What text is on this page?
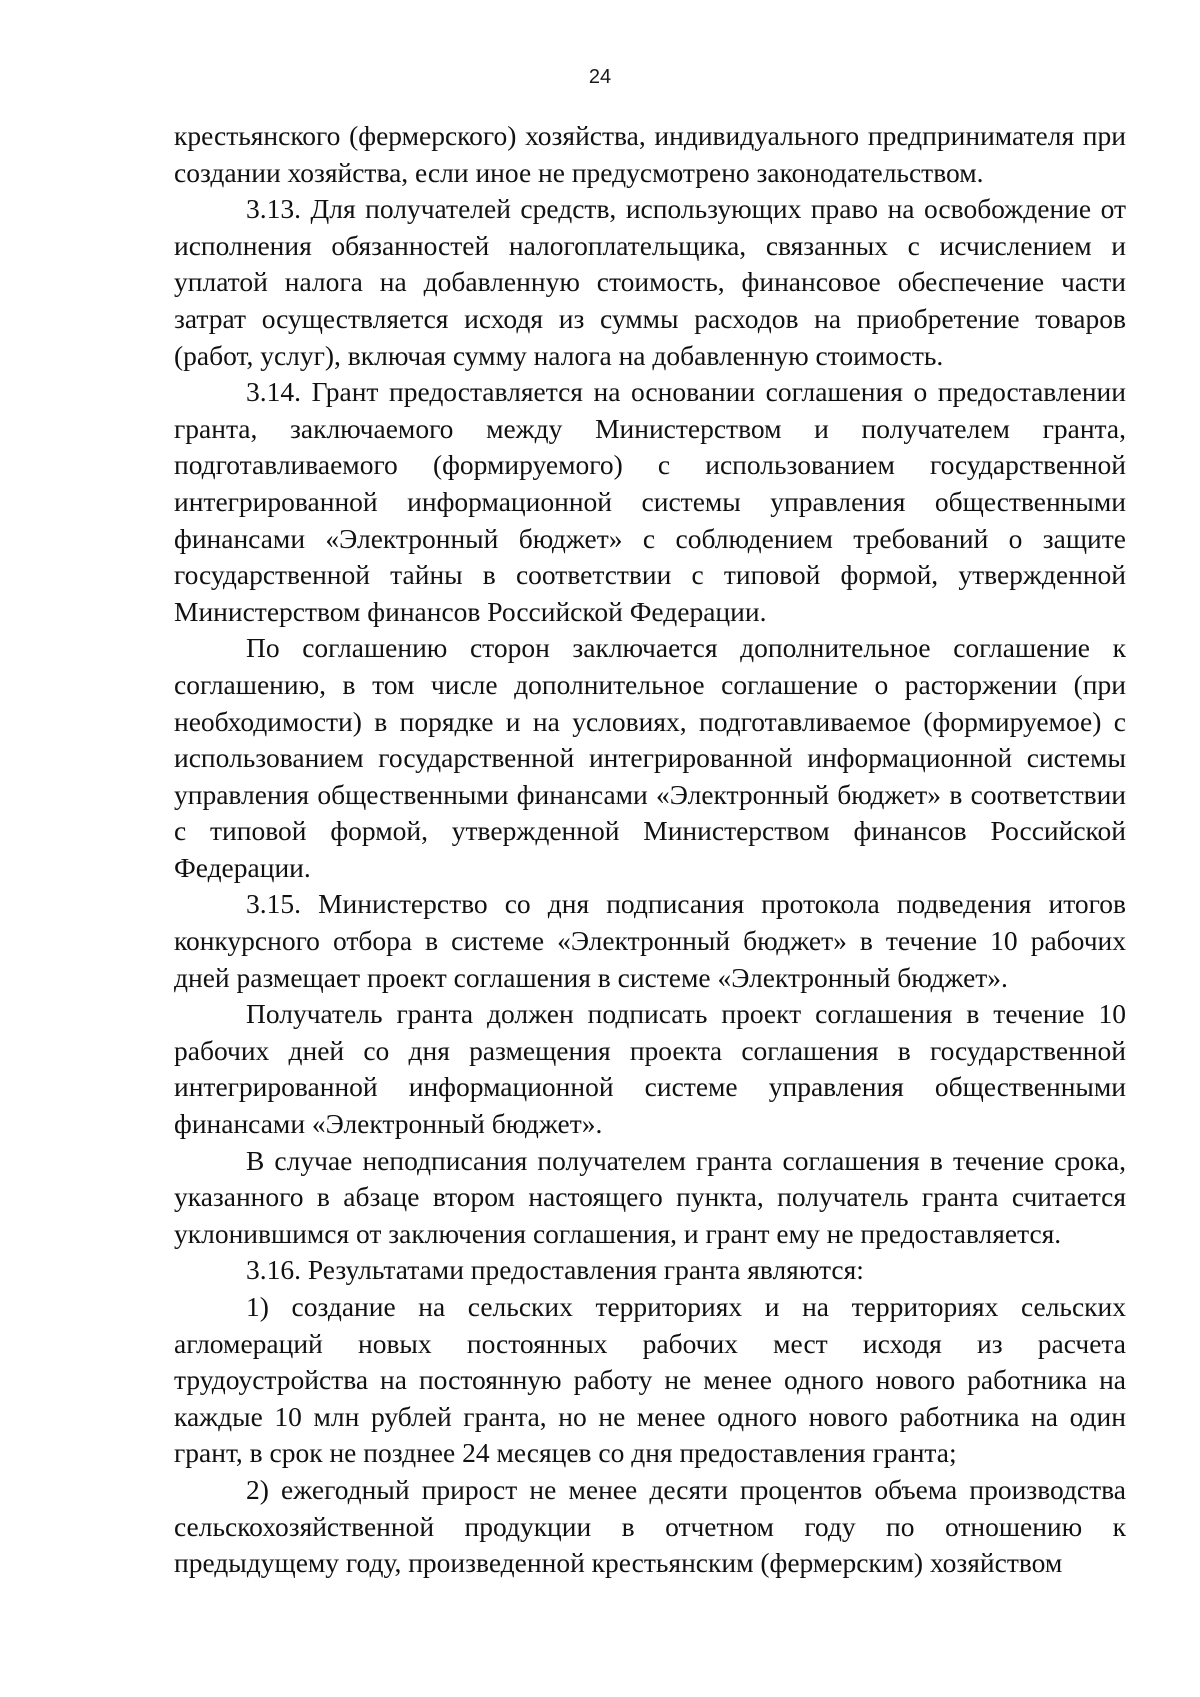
24

крестьянского (фермерского) хозяйства, индивидуального предпринимателя при создании хозяйства, если иное не предусмотрено законодательством.

3.13. Для получателей средств, использующих право на освобождение от исполнения обязанностей налогоплательщика, связанных с исчислением и уплатой налога на добавленную стоимость, финансовое обеспечение части затрат осуществляется исходя из суммы расходов на приобретение товаров (работ, услуг), включая сумму налога на добавленную стоимость.

3.14. Грант предоставляется на основании соглашения о предоставлении гранта, заключаемого между Министерством и получателем гранта, подготавливаемого (формируемого) с использованием государственной интегрированной информационной системы управления общественными финансами «Электронный бюджет» с соблюдением требований о защите государственной тайны в соответствии с типовой формой, утвержденной Министерством финансов Российской Федерации.

По соглашению сторон заключается дополнительное соглашение к соглашению, в том числе дополнительное соглашение о расторжении (при необходимости) в порядке и на условиях, подготавливаемое (формируемое) с использованием государственной интегрированной информационной системы управления общественными финансами «Электронный бюджет» в соответствии с типовой формой, утвержденной Министерством финансов Российской Федерации.

3.15. Министерство со дня подписания протокола подведения итогов конкурсного отбора в системе «Электронный бюджет» в течение 10 рабочих дней размещает проект соглашения в системе «Электронный бюджет».

Получатель гранта должен подписать проект соглашения в течение 10 рабочих дней со дня размещения проекта соглашения в государственной интегрированной информационной системе управления общественными финансами «Электронный бюджет».

В случае неподписания получателем гранта соглашения в течение срока, указанного в абзаце втором настоящего пункта, получатель гранта считается уклонившимся от заключения соглашения, и грант ему не предоставляется.

3.16. Результатами предоставления гранта являются:

1) создание на сельских территориях и на территориях сельских агломераций новых постоянных рабочих мест исходя из расчета трудоустройства на постоянную работу не менее одного нового работника на каждые 10 млн рублей гранта, но не менее одного нового работника на один грант, в срок не позднее 24 месяцев со дня предоставления гранта;

2) ежегодный прирост не менее десяти процентов объема производства сельскохозяйственной продукции в отчетном году по отношению к предыдущему году, произведенной крестьянским (фермерским) хозяйством
